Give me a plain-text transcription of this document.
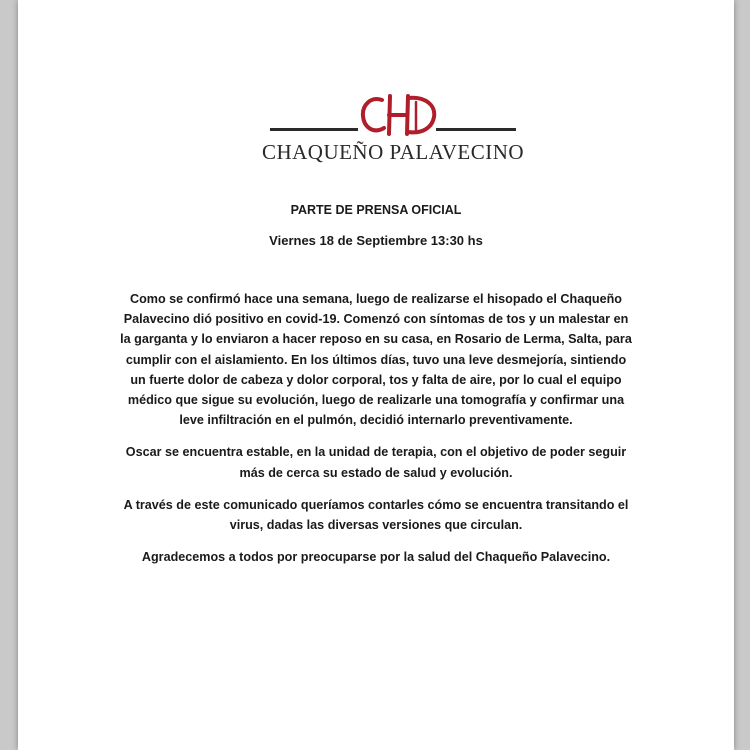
CHAQUEÑO PALAVECINO
PARTE DE PRENSA OFICIAL
Viernes 18 de Septiembre 13:30 hs
Como se confirmó hace una semana, luego de realizarse el hisopado el Chaqueño
Palavecino dió positivo en covid-19. Comenzó con síntomas de tos y un malestar en
la garganta y lo enviaron a hacer reposo en su casa, en Rosario de Lerma, Salta, para
cumplir con el aislamiento. En los últimos días, tuvo una leve desmejoría, sintiendo
un fuerte dolor de cabeza y dolor corporal, tos y falta de aire, por lo cual el equipo
médico que sigue su evolución, luego de realizarle una tomografía y confirmar una
leve infiltración en el pulmón, decidió internarlo preventivamente.
Oscar se encuentra estable, en la unidad de terapia, con el objetivo de poder seguir
más de cerca su estado de salud y evolución.
A través de este comunicado queríamos contarles cómo se encuentra transitando el
virus, dadas las diversas versiones que circulan.
Agradecemos a todos por preocuparse por la salud del Chaqueño Palavecino.
